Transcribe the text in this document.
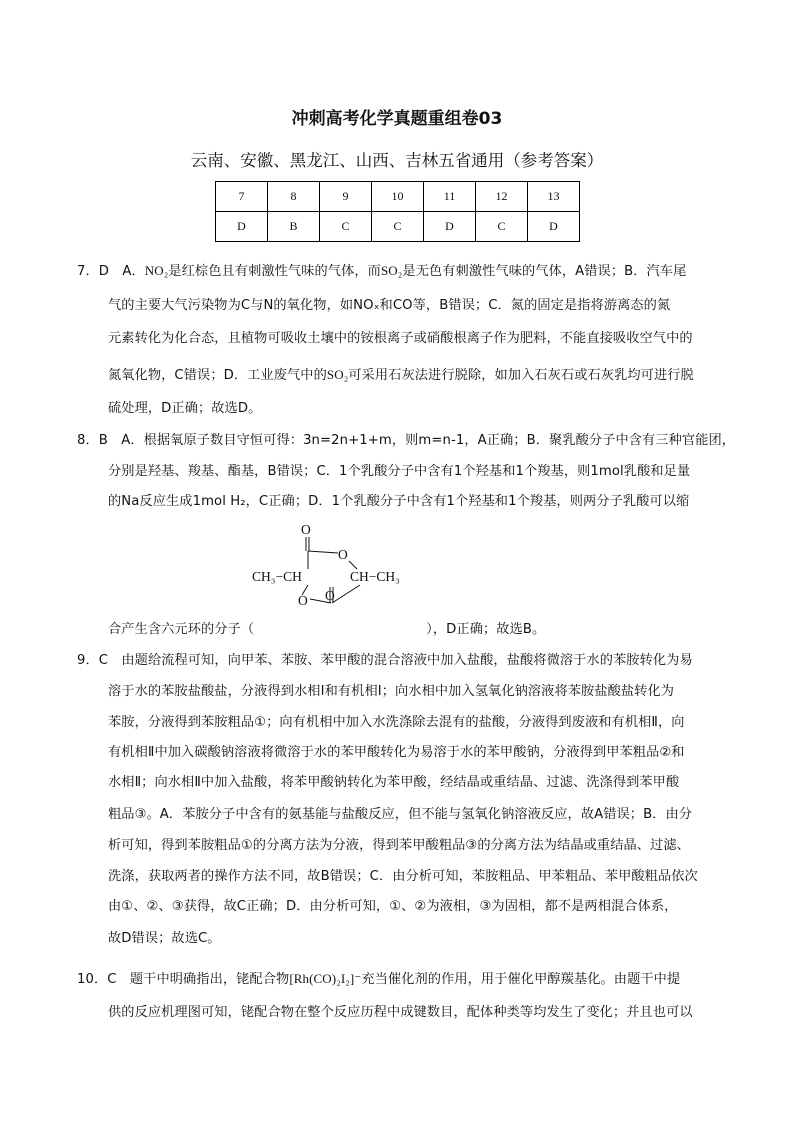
冲刺高考化学真题重组卷03
云南、安徽、黑龙江、山西、吉林五省通用（参考答案）
7	8	9	10	11	12	13
D	B	C	C	D	C	D
7．D　A．NO₂是红棕色且有刺激性气味的气体，而SO₂是无色有刺激性气味的气体，A错误；B．汽车尾
气的主要大气污染物为C与N的氧化物，如NOₓ和CO等，B错误；C．氮的固定是指将游离态的氮
元素转化为化合态，且植物可吸收土壤中的铵根离子或硝酸根离子作为肥料，不能直接吸收空气中的
氮氧化物，C错误；D．工业废气中的SO₂可采用石灰法进行脱除，如加入石灰石或石灰乳均可进行脱
硫处理，D正确；故选D。
8．B　A．根据氧原子数目守恒可得：3n=2n+1+m，则m=n-1，A正确；B．聚乳酸分子中含有三种官能团，
分别是羟基、羧基、酯基，B错误；C．1个乳酸分子中含有1个羟基和1个羧基，则1mol乳酸和足量
的Na反应生成1mol H₂，C正确；D．1个乳酸分子中含有1个羟基和1个羧基，则两分子乳酸可以缩
O
O
CH₃−CH	CH−CH₃
O O
合产生含六元环的分子（	），D正确；故选B。
9．C　由题给流程可知，向甲苯、苯胺、苯甲酸的混合溶液中加入盐酸，盐酸将微溶于水的苯胺转化为易
溶于水的苯胺盐酸盐，分液得到水相Ⅰ和有机相Ⅰ；向水相中加入氢氧化钠溶液将苯胺盐酸盐转化为
苯胺，分液得到苯胺粗品①；向有机相中加入水洗涤除去混有的盐酸，分液得到废液和有机相Ⅱ，向
有机相Ⅱ中加入碳酸钠溶液将微溶于水的苯甲酸转化为易溶于水的苯甲酸钠，分液得到甲苯粗品②和
水相Ⅱ；向水相Ⅱ中加入盐酸，将苯甲酸钠转化为苯甲酸，经结晶或重结晶、过滤、洗涤得到苯甲酸
粗品③。A．苯胺分子中含有的氨基能与盐酸反应，但不能与氢氧化钠溶液反应，故A错误；B．由分
析可知，得到苯胺粗品①的分离方法为分液，得到苯甲酸粗品③的分离方法为结晶或重结晶、过滤、
洗涤，获取两者的操作方法不同，故B错误；C．由分析可知，苯胺粗品、甲苯粗品、苯甲酸粗品依次
由①、②、③获得，故C正确；D．由分析可知，①、②为液相，③为固相，都不是两相混合体系，
故D错误；故选C。
10．C　题干中明确指出，铑配合物[Rh(CO)₂I₂]⁻充当催化剂的作用，用于催化甲醇羰基化。由题干中提
供的反应机理图可知，铑配合物在整个反应历程中成键数目，配体种类等均发生了变化；并且也可以
